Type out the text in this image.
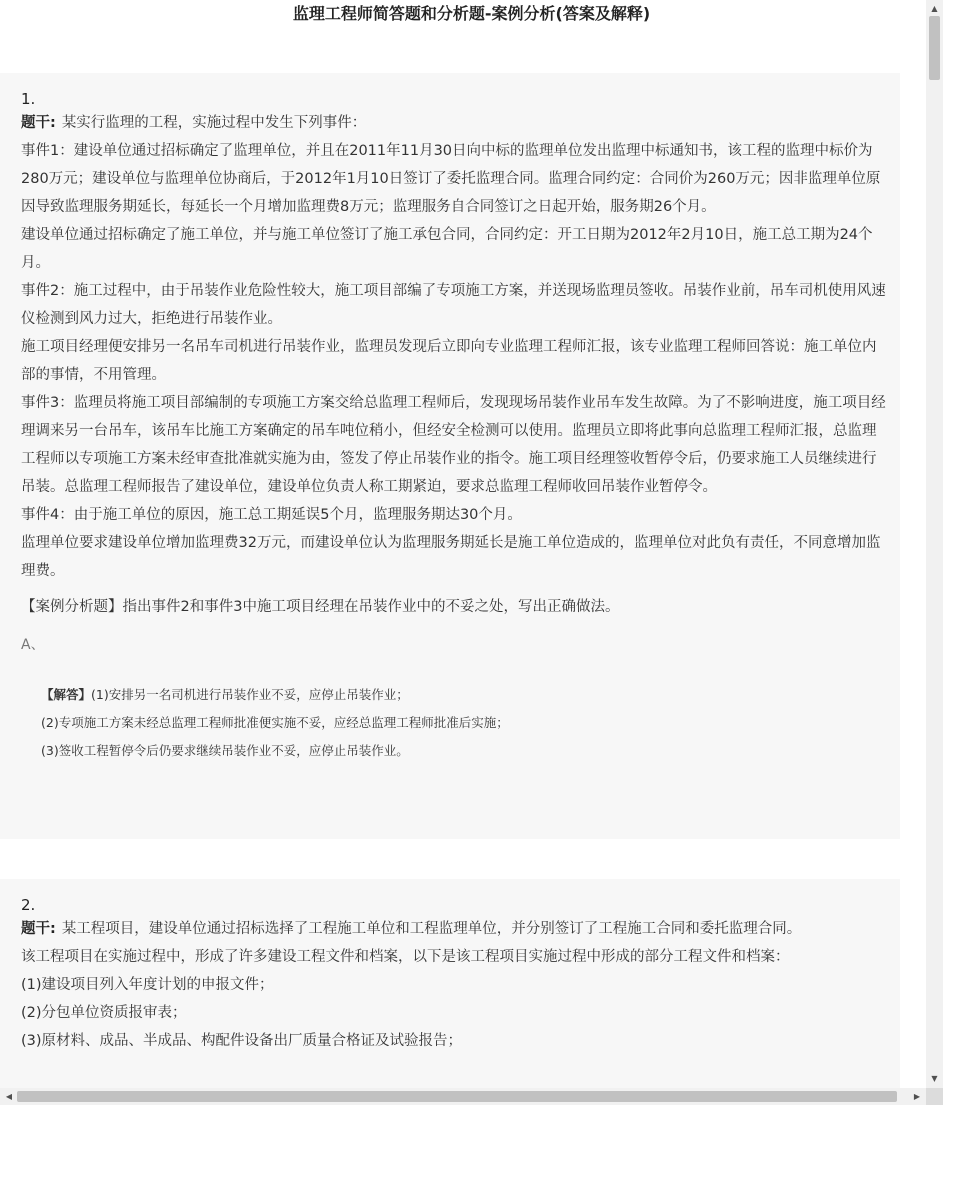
监理工程师简答题和分析题-案例分析(答案及解释)
1.

题干: 某实行监理的工程，实施过程中发生下列事件：

事件1：建设单位通过招标确定了监理单位，并且在2011年11月30日向中标的监理单位发出监理中标通知书，该工程的监理中标价为280万元；建设单位与监理单位协商后，于2012年1月10日签订了委托监理合同。监理合同约定：合同价为260万元；因非监理单位原因导致监理服务期延长，每延长一个月增加监理费8万元；监理服务自合同签订之日起开始，服务期26个月。

建设单位通过招标确定了施工单位，并与施工单位签订了施工承包合同，合同约定：开工日期为2012年2月10日，施工总工期为24个月。

事件2：施工过程中，由于吊装作业危险性较大，施工项目部编了专项施工方案，并送现场监理员签收。吊装作业前，吊车司机使用风速仪检测到风力过大，拒绝进行吊装作业。

施工项目经理便安排另一名吊车司机进行吊装作业，监理员发现后立即向专业监理工程师汇报，该专业监理工程师回答说：施工单位内部的事情，不用管理。

事件3：监理员将施工项目部编制的专项施工方案交给总监理工程师后，发现现场吊装作业吊车发生故障。为了不影响进度，施工项目经理调来另一台吊车，该吊车比施工方案确定的吊车吨位稍小，但经安全检测可以使用。监理员立即将此事向总监理工程师汇报，总监理工程师以专项施工方案未经审查批准就实施为由，签发了停止吊装作业的指令。施工项目经理签收暂停令后，仍要求施工人员继续进行吊装。总监理工程师报告了建设单位，建设单位负责人称工期紧迫，要求总监理工程师收回吊装作业暂停令。

事件4：由于施工单位的原因，施工总工期延误5个月，监理服务期达30个月。

监理单位要求建设单位增加监理费32万元，而建设单位认为监理服务期延长是施工单位造成的，监理单位对此负有责任，不同意增加监理费。

【案例分析题】指出事件2和事件3中施工项目经理在吊装作业中的不妥之处，写出正确做法。

A、

【解答】(1)安排另一名司机进行吊装作业不妥，应停止吊装作业；

(2)专项施工方案未经总监理工程师批准便实施不妥，应经总监理工程师批准后实施；

(3)签收工程暂停令后仍要求继续吊装作业不妥，应停止吊装作业。

2.

题干: 某工程项目，建设单位通过招标选择了工程施工单位和工程监理单位，并分别签订了工程施工合同和委托监理合同。

该工程项目在实施过程中，形成了许多建设工程文件和档案，以下是该工程项目实施过程中形成的部分工程文件和档案：

(1)建设项目列入年度计划的申报文件；

(2)分包单位资质报审表；

(3)原材料、成品、半成品、构配件设备出厂质量合格证及试验报告；

▲
▼
◀	▶
